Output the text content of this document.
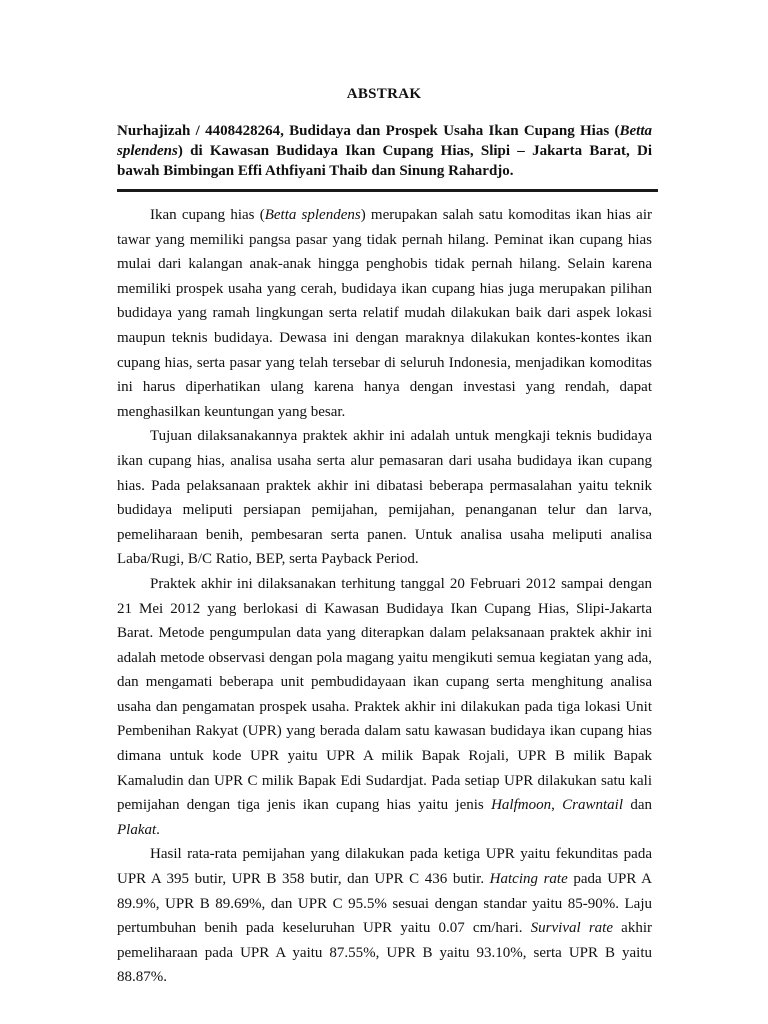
ABSTRAK
Nurhajizah / 4408428264, Budidaya dan Prospek Usaha Ikan Cupang Hias (Betta splendens) di Kawasan Budidaya Ikan Cupang Hias, Slipi – Jakarta Barat, Di bawah Bimbingan Effi Athfiyani Thaib dan Sinung Rahardjo.

Ikan cupang hias (Betta splendens) merupakan salah satu komoditas ikan hias air tawar yang memiliki pangsa pasar yang tidak pernah hilang. Peminat ikan cupang hias mulai dari kalangan anak-anak hingga penghobis tidak pernah hilang. Selain karena memiliki prospek usaha yang cerah, budidaya ikan cupang hias juga merupakan pilihan budidaya yang ramah lingkungan serta relatif mudah dilakukan baik dari aspek lokasi maupun teknis budidaya. Dewasa ini dengan maraknya dilakukan kontes-kontes ikan cupang hias, serta pasar yang telah tersebar di seluruh Indonesia, menjadikan komoditas ini harus diperhatikan ulang karena hanya dengan investasi yang rendah, dapat menghasilkan keuntungan yang besar.

Tujuan dilaksanakannya praktek akhir ini adalah untuk mengkaji teknis budidaya ikan cupang hias, analisa usaha serta alur pemasaran dari usaha budidaya ikan cupang hias. Pada pelaksanaan praktek akhir ini dibatasi beberapa permasalahan yaitu teknik budidaya meliputi persiapan pemijahan, pemijahan, penanganan telur dan larva, pemeliharaan benih, pembesaran serta panen. Untuk analisa usaha meliputi analisa Laba/Rugi, B/C Ratio, BEP, serta Payback Period.

Praktek akhir ini dilaksanakan terhitung tanggal 20 Februari 2012 sampai dengan 21 Mei 2012 yang berlokasi di Kawasan Budidaya Ikan Cupang Hias, Slipi-Jakarta Barat. Metode pengumpulan data yang diterapkan dalam pelaksanaan praktek akhir ini adalah metode observasi dengan pola magang yaitu mengikuti semua kegiatan yang ada, dan mengamati beberapa unit pembudidayaan ikan cupang serta menghitung analisa usaha dan pengamatan prospek usaha. Praktek akhir ini dilakukan pada tiga lokasi Unit Pembenihan Rakyat (UPR) yang berada dalam satu kawasan budidaya ikan cupang hias dimana untuk kode UPR yaitu UPR A milik Bapak Rojali, UPR B milik Bapak Kamaludin dan UPR C milik Bapak Edi Sudardjat. Pada setiap UPR dilakukan satu kali pemijahan dengan tiga jenis ikan cupang hias yaitu jenis Halfmoon, Crawntail dan Plakat.

Hasil rata-rata pemijahan yang dilakukan pada ketiga UPR yaitu fekunditas pada UPR A 395 butir, UPR B 358 butir, dan UPR C 436 butir. Hatcing rate pada UPR A 89.9%, UPR B 89.69%, dan UPR C 95.5% sesuai dengan standar yaitu 85-90%. Laju pertumbuhan benih pada keseluruhan UPR yaitu 0.07 cm/hari. Survival rate akhir pemeliharaan pada UPR A yaitu 87.55%, UPR B yaitu 93.10%, serta UPR B yaitu 88.87%.
